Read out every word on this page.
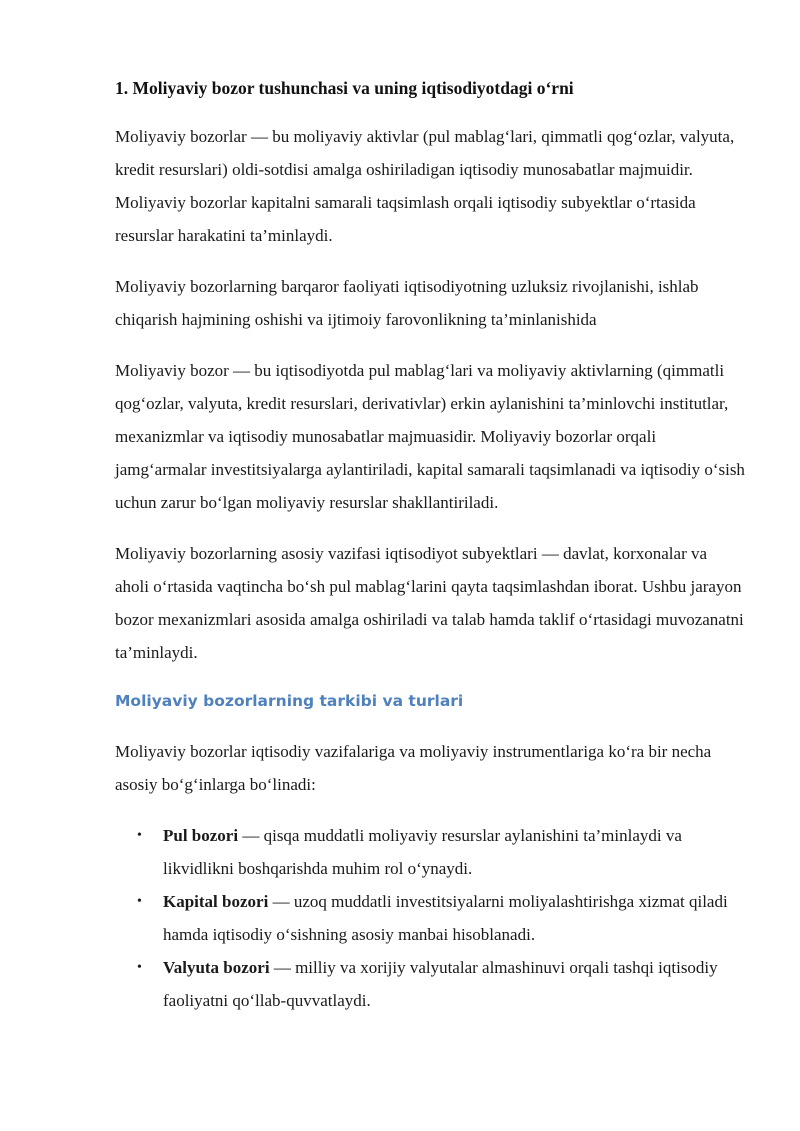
1. Moliyaviy bozor tushunchasi va uning iqtisodiyotdagi o‘rni

Moliyaviy bozorlar — bu moliyaviy aktivlar (pul mablag‘lari, qimmatli qog‘ozlar, valyuta, kredit resurslari) oldi-sotdisi amalga oshiriladigan iqtisodiy munosabatlar majmuidir. Moliyaviy bozorlar kapitalni samarali taqsimlash orqali iqtisodiy subyektlar o‘rtasida resurslar harakatini ta’minlaydi.

Moliyaviy bozorlarning barqaror faoliyati iqtisodiyotning uzluksiz rivojlanishi, ishlab chiqarish hajmining oshishi va ijtimoiy farovonlikning ta’minlanishida

Moliyaviy bozor — bu iqtisodiyotda pul mablag‘lari va moliyaviy aktivlarning (qimmatli qog‘ozlar, valyuta, kredit resurslari, derivativlar) erkin aylanishini ta’minlovchi institutlar, mexanizmlar va iqtisodiy munosabatlar majmuasidir. Moliyaviy bozorlar orqali jamg‘armalar investitsiyalarga aylantiriladi, kapital samarali taqsimlanadi va iqtisodiy o‘sish uchun zarur bo‘lgan moliyaviy resurslar shakllantiriladi.

Moliyaviy bozorlarning asosiy vazifasi iqtisodiyot subyektlari — davlat, korxonalar va aholi o‘rtasida vaqtincha bo‘sh pul mablag‘larini qayta taqsimlashdan iborat. Ushbu jarayon bozor mexanizmlari asosida amalga oshiriladi va talab hamda taklif o‘rtasidagi muvozanatni ta’minlaydi.

Moliyaviy bozorlarning tarkibi va turlari

Moliyaviy bozorlar iqtisodiy vazifalariga va moliyaviy instrumentlariga ko‘ra bir necha asosiy bo‘g‘inlarga bo‘linadi:

• Pul bozori — qisqa muddatli moliyaviy resurslar aylanishini ta’minlaydi va likvidlikni boshqarishda muhim rol o‘ynaydi.
• Kapital bozori — uzoq muddatli investitsiyalarni moliyalashtirishga xizmat qiladi hamda iqtisodiy o‘sishning asosiy manbai hisoblanadi.
• Valyuta bozori — milliy va xorijiy valyutalar almashinuvi orqali tashqi iqtisodiy faoliyatni qo‘llab-quvvatlaydi.
